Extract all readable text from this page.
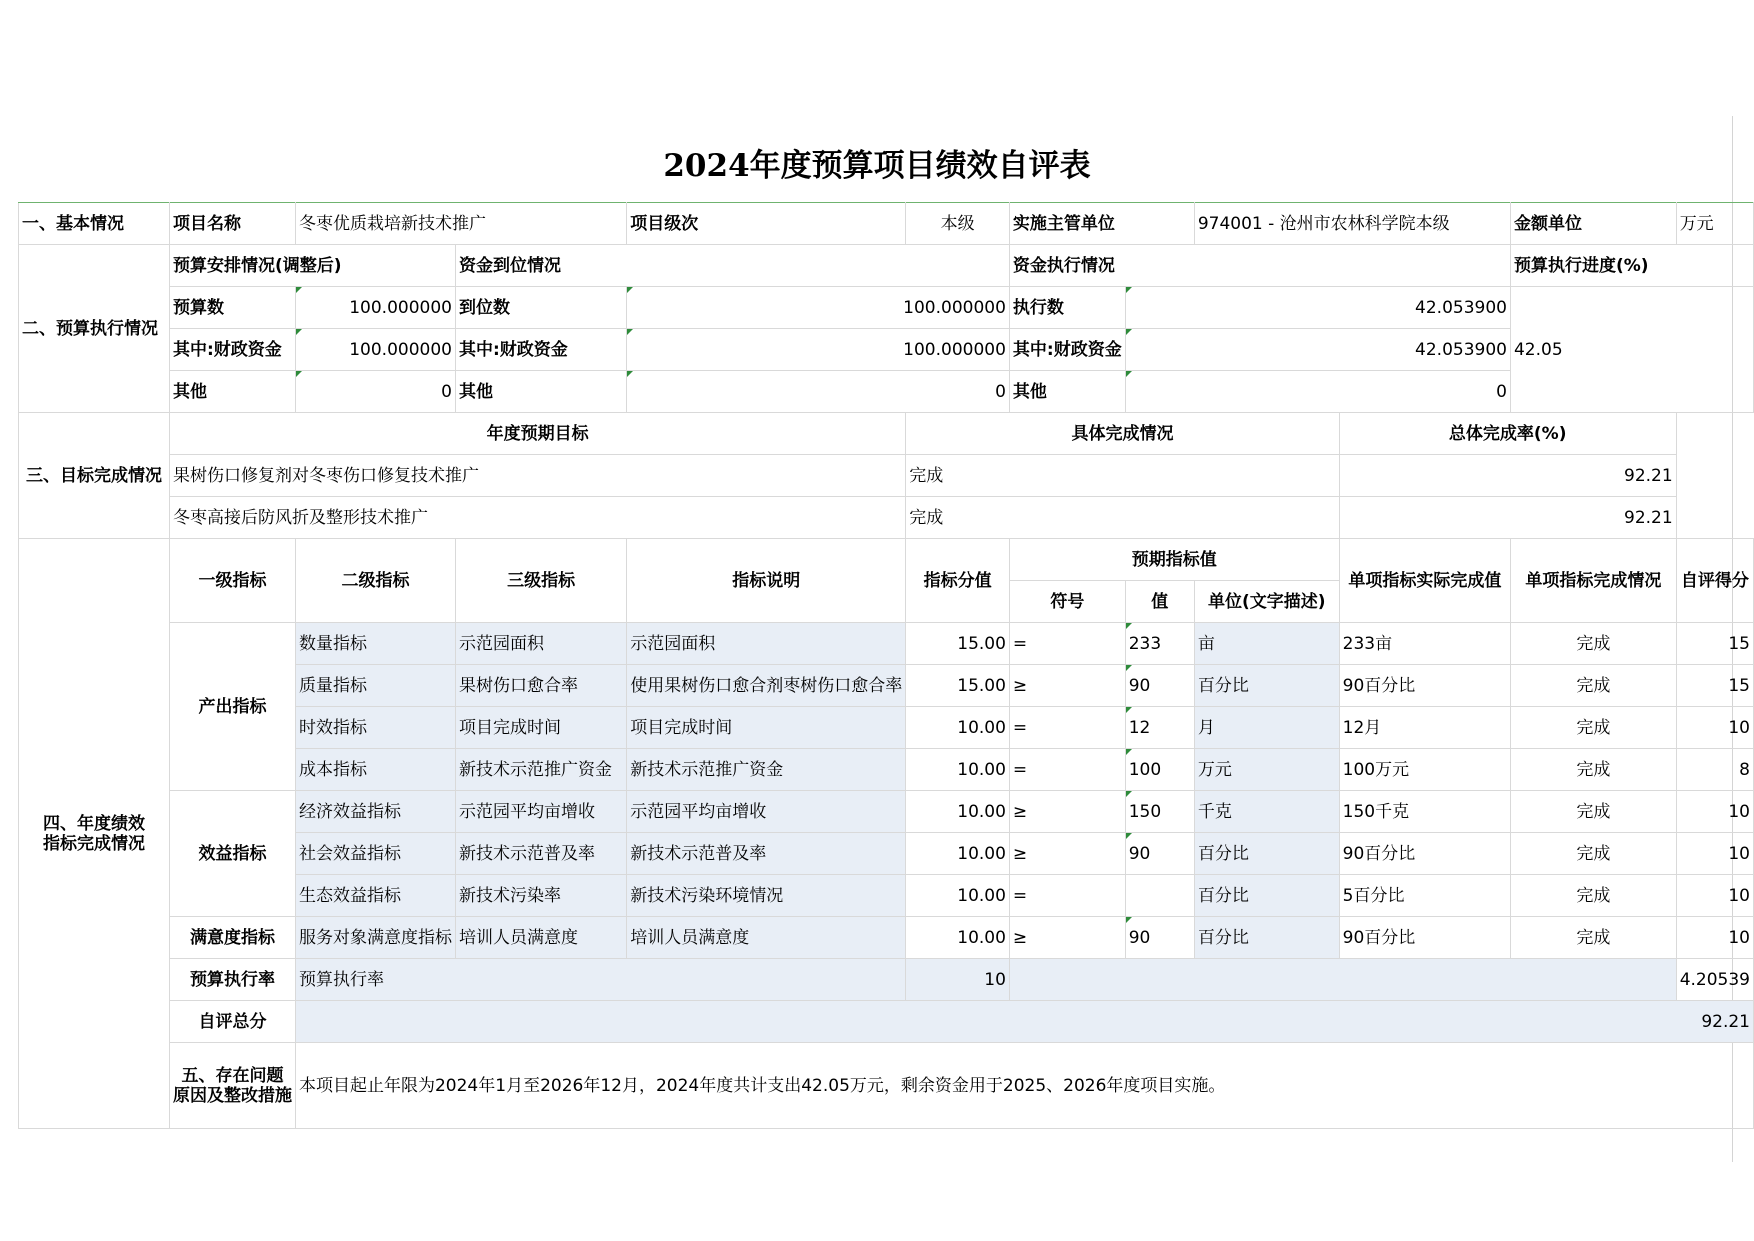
2024年度预算项目绩效自评表
一、基本情况	项目名称	冬枣优质栽培新技术推广		项目级次	本级	实施主管单位		974001 - 沧州市农林科学院本级		金额单位	万元
二、预算执行情况	预算安排情况(调整后)		资金到位情况			资金执行情况				预算执行进度(%)	
	预算数	100.000000	到位数	100.000000		执行数	42.053900			42.05	
	其中:财政资金	100.000000	其中:财政资金	100.000000		其中:财政资金	42.053900				
	其他	0	其他	0		其他	0				
三、目标完成情况	年度预期目标				具体完成情况				总体完成率(%)		
	果树伤口修复剂对冬枣伤口修复技术推广				完成				92.21		
	冬枣高接后防风折及整形技术推广				完成				92.21		

四、年度绩效
指标完成情况	一级指标	二级指标	三级指标	指标说明	指标分值	预期指标值			单项指标实际完成值	单项指标完成情况	自评得分
						符号	值	单位(文字描述)			
	产出指标	数量指标	示范园面积	示范园面积	15.00	=	233	亩	233亩	完成	15
		质量指标	果树伤口愈合率	使用果树伤口愈合剂枣树伤口愈合率	15.00	≥	90	百分比	90百分比	完成	15
		时效指标	项目完成时间	项目完成时间	10.00	=	12	月	12月	完成	10
		成本指标	新技术示范推广资金	新技术示范推广资金	10.00	=	100	万元	100万元	完成	8
	效益指标	经济效益指标	示范园平均亩增收	示范园平均亩增收	10.00	≥	150	千克	150千克	完成	10
		社会效益指标	新技术示范普及率	新技术示范普及率	10.00	≥	90	百分比	90百分比	完成	10
		生态效益指标	新技术污染率	新技术污染环境情况	10.00	=		百分比	5百分比	完成	10
	满意度指标	服务对象满意度指标	培训人员满意度	培训人员满意度	10.00	≥	90	百分比	90百分比	完成	10
	预算执行率	预算执行率			10						4.20539
	自评总分	92.21									

	五、存在问题
原因及整改措施	本项目起止年限为2024年1月至2026年12月，2024年度共计支出42.05万元，剩余资金用于2025、2026年度项目实施。									
